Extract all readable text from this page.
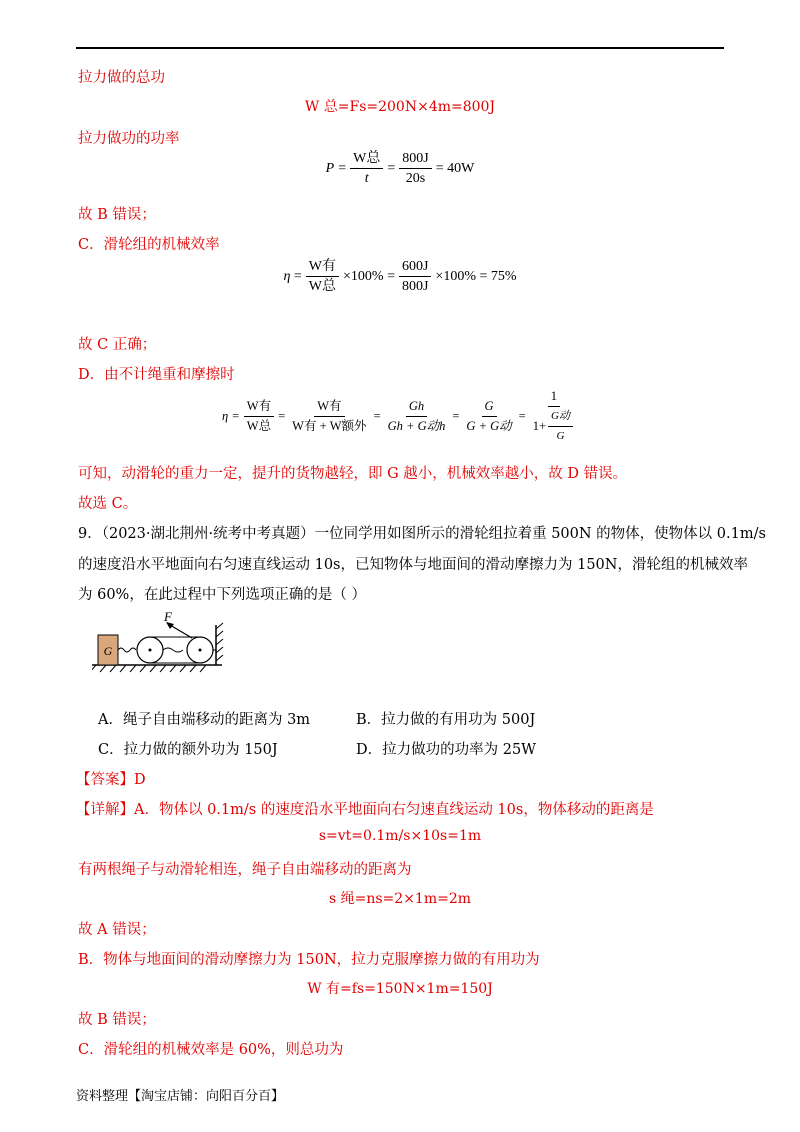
拉力做的总功
W 总=Fs=200N×4m=800J
拉力做功的功率
$P = \frac{\text{W总}}{t} = \frac{800J}{20s} = 40W$
故 B 错误；
C．滑轮组的机械效率
$\eta = \frac{\text{W有}}{\text{W总}} \times 100\% = \frac{600J}{800J} \times 100\% = 75\%$
故 C 正确；
D．由不计绳重和摩擦时
$\eta = \frac{\text{W有}}{\text{W总}} = \frac{\text{W有}}{\text{W有 + W额外}} = \frac{Gh}{\text{Gh + G动h}} = \frac{G}{\text{G + G动}} = \frac{1}{1+ \frac{\text{G动}}{G}}$
可知，动滑轮的重力一定，提升的货物越轻，即 G 越小，机械效率越小，故 D 错误。
故选 C。
9．（2023·湖北荆州·统考中考真题）一位同学用如图所示的滑轮组拉着重 500N 的物体，使物体以 0.1m/s
的速度沿水平地面向右匀速直线运动 10s，已知物体与地面间的滑动摩擦力为 150N，滑轮组的机械效率
为 60%，在此过程中下列选项正确的是（ ）
G
F
A．绳子自由端移动的距离为 3m	B．拉力做的有用功为 500J
C．拉力做的额外功为 150J	D．拉力做功的功率为 25W
【答案】D
【详解】A．物体以 0.1m/s 的速度沿水平地面向右匀速直线运动 10s，物体移动的距离是
s=vt=0.1m/s×10s=1m
有两根绳子与动滑轮相连，绳子自由端移动的距离为
s 绳=ns=2×1m=2m
故 A 错误；
B．物体与地面间的滑动摩擦力为 150N，拉力克服摩擦力做的有用功为
W 有=fs=150N×1m=150J
故 B 错误；
C．滑轮组的机械效率是 60%，则总功为
资料整理【淘宝店铺：向阳百分百】
